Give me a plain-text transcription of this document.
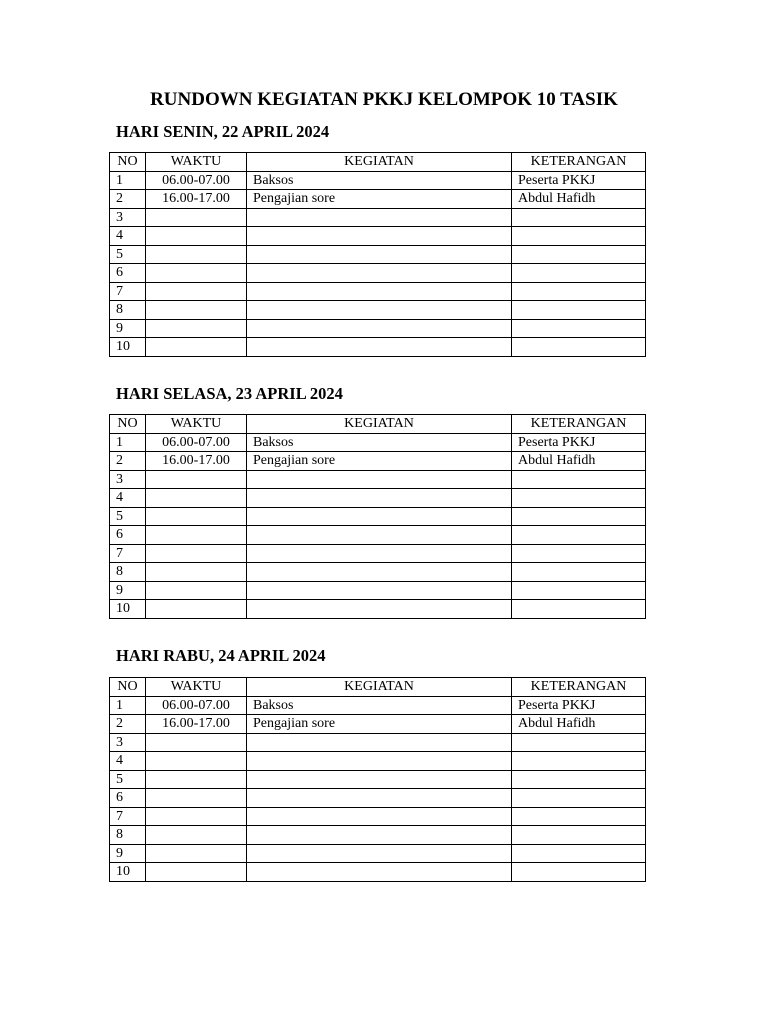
RUNDOWN KEGIATAN PKKJ KELOMPOK 10 TASIK
HARI SENIN, 22 APRIL 2024
NO	WAKTU	KEGIATAN	KETERANGAN
1	06.00-07.00	Baksos	Peserta PKKJ
2	16.00-17.00	Pengajian sore	Abdul Hafidh
3			
4			
5			
6			
7			
8			
9			
10			
HARI SELASA, 23 APRIL 2024
NO	WAKTU	KEGIATAN	KETERANGAN
1	06.00-07.00	Baksos	Peserta PKKJ
2	16.00-17.00	Pengajian sore	Abdul Hafidh
3			
4			
5			
6			
7			
8			
9			
10			
HARI RABU, 24 APRIL 2024
NO	WAKTU	KEGIATAN	KETERANGAN
1	06.00-07.00	Baksos	Peserta PKKJ
2	16.00-17.00	Pengajian sore	Abdul Hafidh
3			
4			
5			
6			
7			
8			
9			
10			
